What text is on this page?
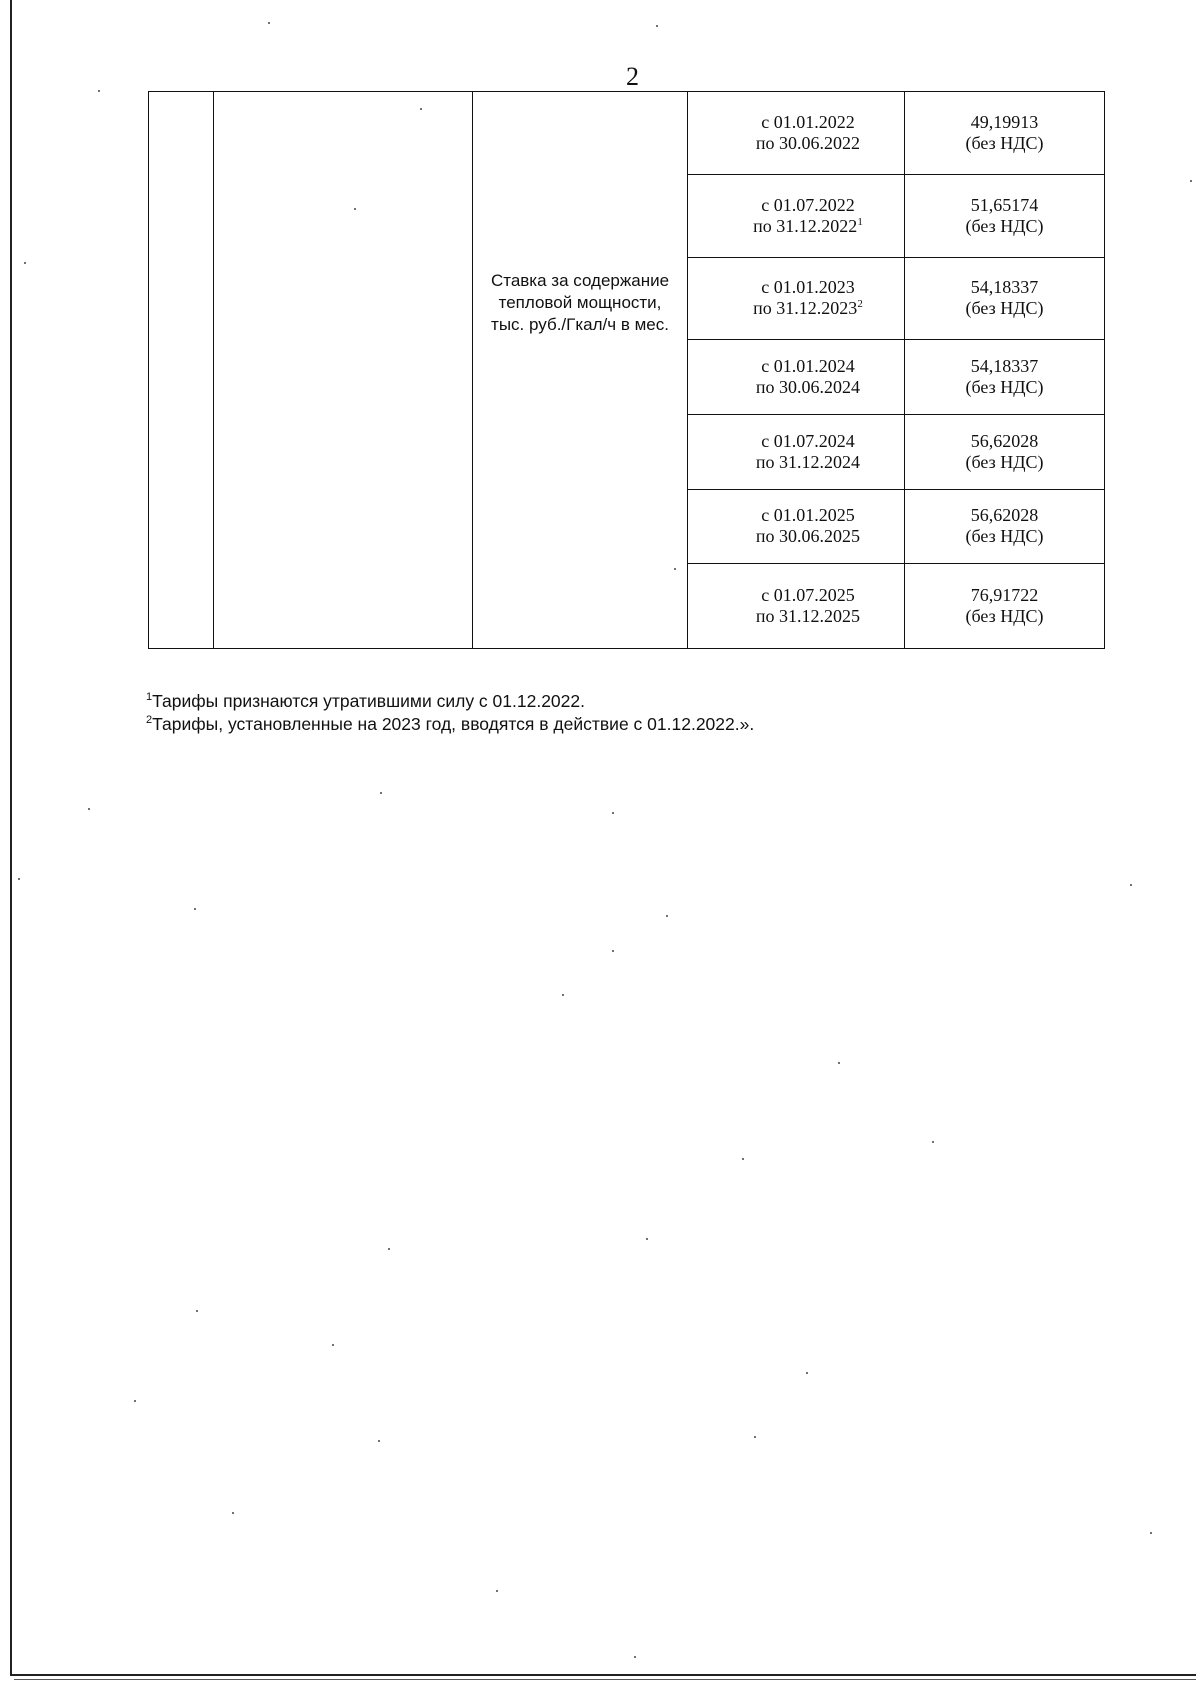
2
		Ставка за содержание тепловой мощности, тыс. руб./Гкал/ч в мес.	с 01.01.2022
по 30.06.2022	49,19913
(без НДС)

			с 01.07.2022
по 31.12.2022$^1$	51,65174
(без НДС)

			с 01.01.2023
по 31.12.2023$^2$	54,18337
(без НДС)

			с 01.01.2024
по 30.06.2024	54,18337
(без НДС)

			с 01.07.2024
по 31.12.2024	56,62028
(без НДС)

			с 01.01.2025
по 30.06.2025	56,62028
(без НДС)

			с 01.07.2025
по 31.12.2025	76,91722
(без НДС)
$^1$Тарифы признаются утратившими силу с 01.12.2022.
$^2$Тарифы, установленные на 2023 год, вводятся в действие с 01.12.2022.».
